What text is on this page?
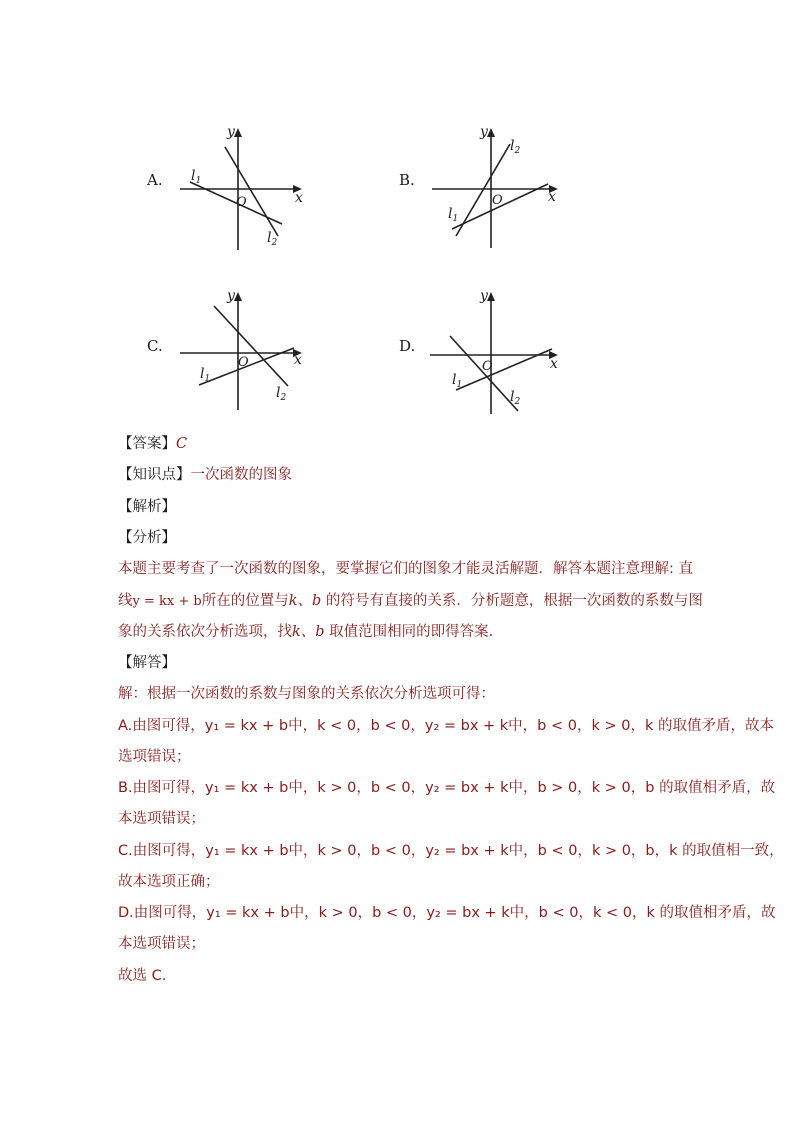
A.
y
x
O
$l_1$
$l_2$
B.
y
x
O
$l_1$
$l_2$
C.
y
x
O
$l_1$
$l_2$
D.
y
x
O
$l_1$
$l_2$
【答案】C
【知识点】一次函数的图象
【解析】
【分析】
本题主要考查了一次函数的图象，要掌握它们的图象才能灵活解题．解答本题注意理解: 直
线y = kx + b所在的位置与k、b 的符号有直接的关系．分析题意，根据一次函数的系数与图
象的关系依次分析选项，找k、b 取值范围相同的即得答案．
【解答】
解：根据一次函数的系数与图象的关系依次分析选项可得：
A.由图可得，y₁ = kx + b中，k < 0，b < 0，y₂ = bx + k中，b < 0，k > 0，k 的取值矛盾，故本
选项错误；
B.由图可得，y₁ = kx + b中，k > 0，b < 0，y₂ = bx + k中，b > 0，k > 0，b 的取值相矛盾，故
本选项错误；
C.由图可得，y₁ = kx + b中，k > 0，b < 0，y₂ = bx + k中，b < 0，k > 0，b，k 的取值相一致，
故本选项正确；
D.由图可得，y₁ = kx + b中，k > 0，b < 0，y₂ = bx + k中，b < 0，k < 0，k 的取值相矛盾，故
本选项错误；
故选 C.
